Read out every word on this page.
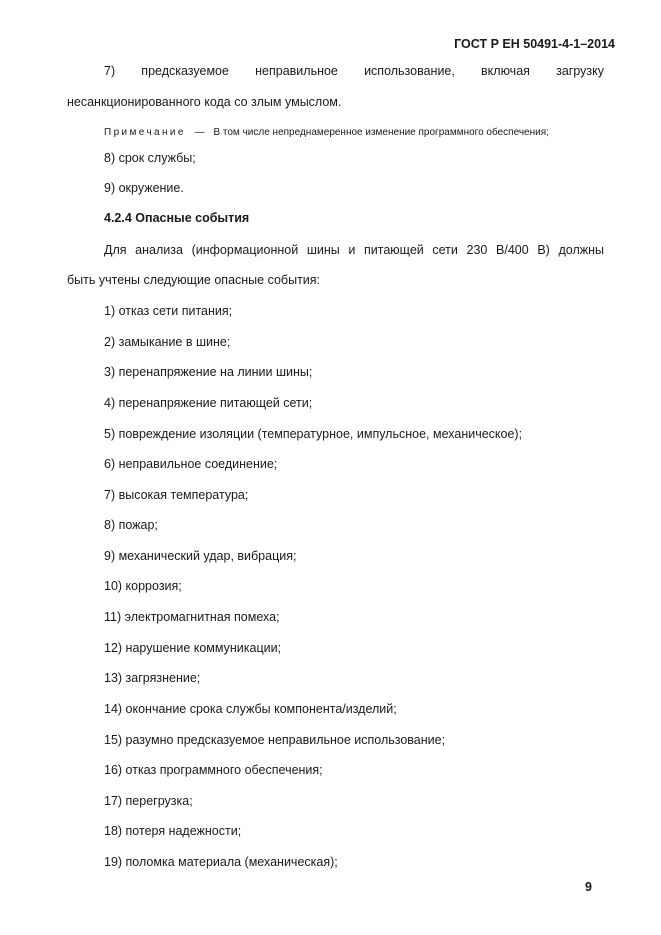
ГОСТ Р ЕН 50491-4-1–2014
7) предсказуемое неправильное использование, включая загрузку
несанкционированного кода со злым умыслом.
Примечание — В том числе непреднамеренное изменение программного обеспечения;
8) срок службы;
9) окружение.
4.2.4 Опасные события
Для анализа (информационной шины и питающей сети 230 В/400 В) должны
быть учтены следующие опасные события:
1) отказ сети питания;
2) замыкание в шине;
3) перенапряжение на линии шины;
4) перенапряжение питающей сети;
5) повреждение изоляции (температурное, импульсное, механическое);
6) неправильное соединение;
7) высокая температура;
8) пожар;
9) механический удар, вибрация;
10) коррозия;
11) электромагнитная помеха;
12) нарушение коммуникации;
13) загрязнение;
14) окончание срока службы компонента/изделий;
15) разумно предсказуемое неправильное использование;
16) отказ программного обеспечения;
17) перегрузка;
18) потеря надежности;
19) поломка материала (механическая);
9
